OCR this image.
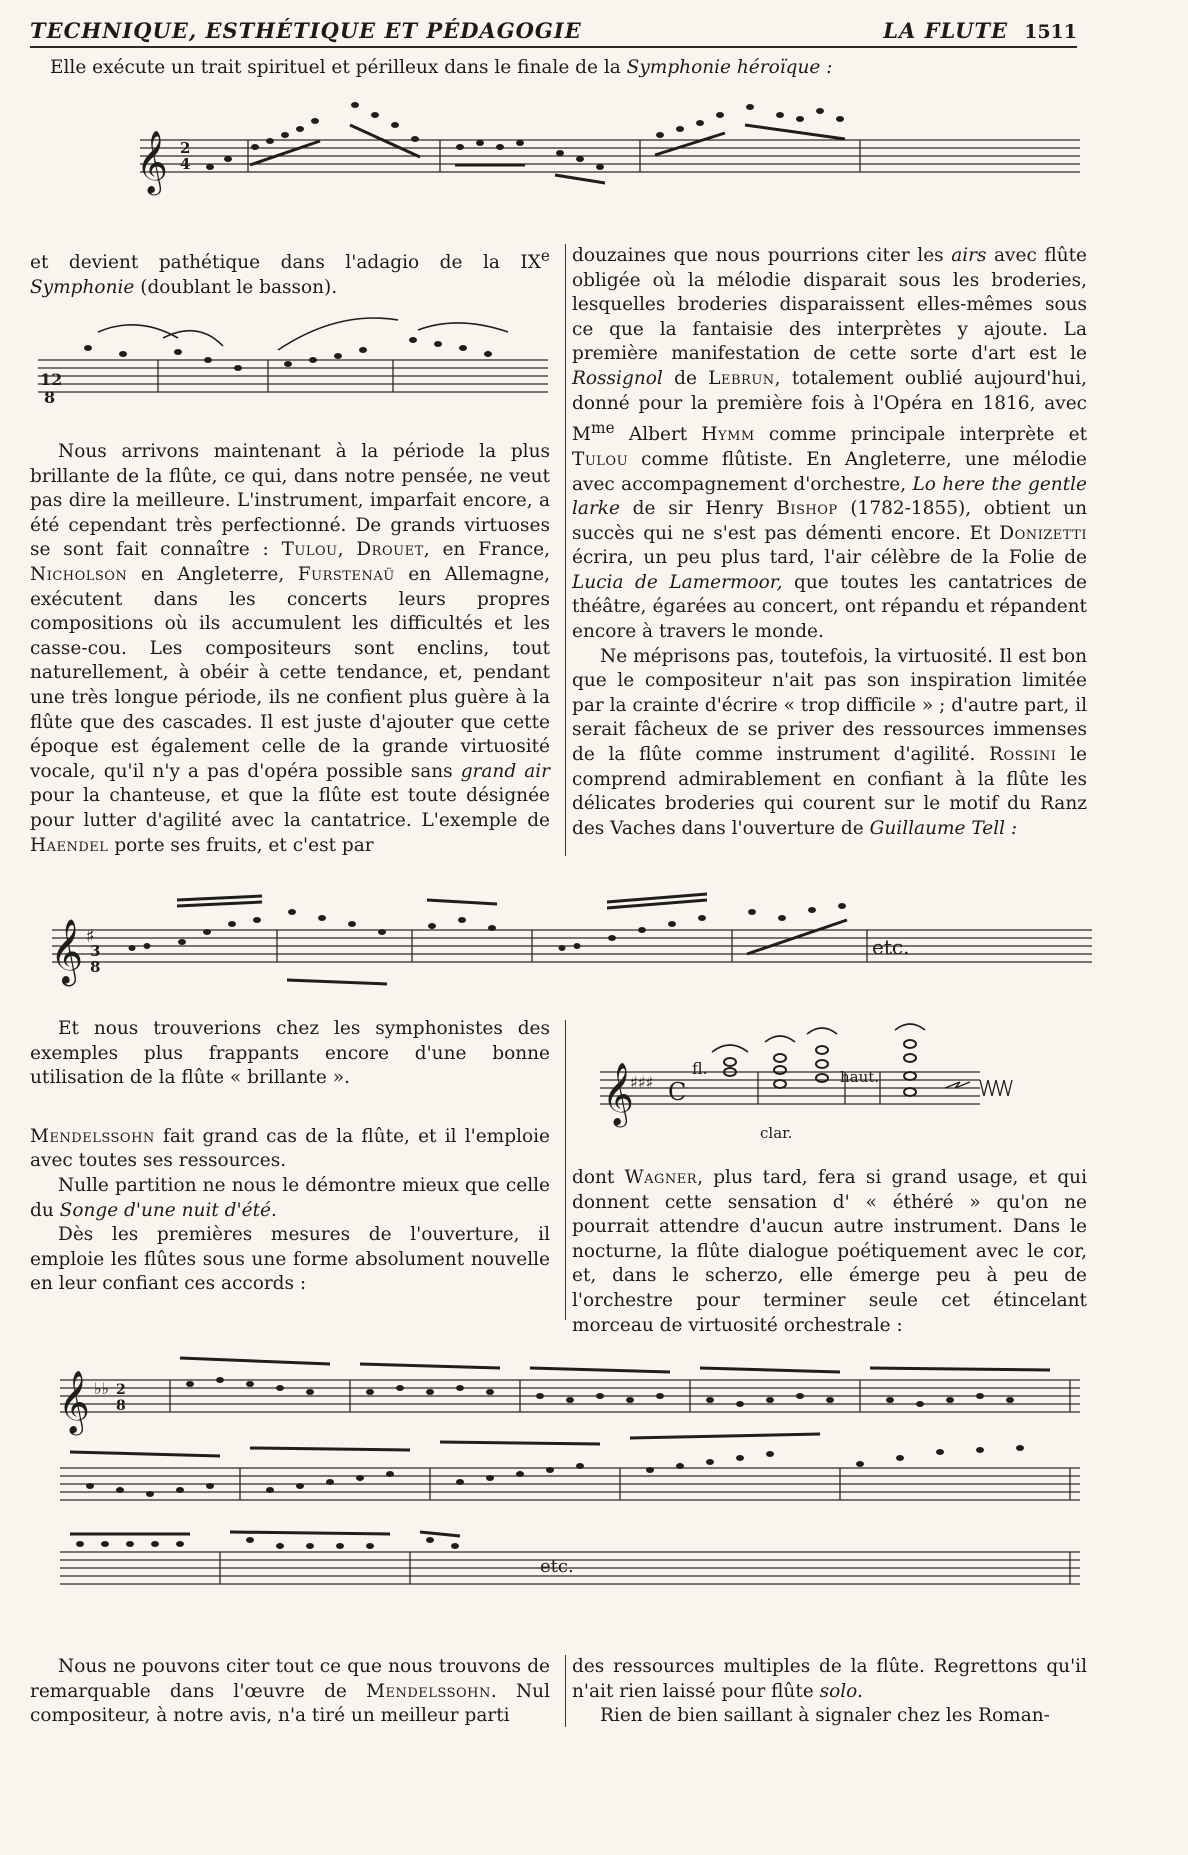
TECHNIQUE, ESTHÉTIQUE ET PÉDAGOGIE	LA FLUTE 1511

Elle exécute un trait spirituel et périlleux dans le finale de la Symphonie héroïque :

𝄞 2
4

et devient pathétique dans l'adagio de la IXe Symphonie (doublant le basson).

12
8

Nous arrivons maintenant à la période la plus brillante de la flûte, ce qui, dans notre pensée, ne veut pas dire la meilleure. L'instrument, imparfait encore, a été cependant très perfectionné. De grands virtuoses se sont fait connaître : Tulou, Drouet, en France, Nicholson en Angleterre, Furstenaü en Allemagne, exécutent dans les concerts leurs propres compositions où ils accumulent les difficultés et les casse-cou. Les compositeurs sont enclins, tout naturellement, à obéir à cette tendance, et, pendant une très longue période, ils ne confient plus guère à la flûte que des cascades. Il est juste d'ajouter que cette époque est également celle de la grande virtuosité vocale, qu'il n'y a pas d'opéra possible sans grand air pour la chanteuse, et que la flûte est toute désignée pour lutter d'agilité avec la cantatrice. L'exemple de Haendel porte ses fruits, et c'est par

douzaines que nous pourrions citer les airs avec flûte obligée où la mélodie disparait sous les broderies, lesquelles broderies disparaissent elles-mêmes sous ce que la fantaisie des interprètes y ajoute. La première manifestation de cette sorte d'art est le Rossignol de Lebrun, totalement oublié aujourd'hui, donné pour la première fois à l'Opéra en 1816, avec $M^{me}$ Albert Hymm comme principale interprète et Tulou comme flûtiste. En Angleterre, une mélodie avec accompagnement d'orchestre, Lo here the gentle larke de sir Henry Bishop (1782-1855), obtient un succès qui ne s'est pas démenti encore. Et Donizetti écrira, un peu plus tard, l'air célèbre de la Folie de Lucia de Lamermoor, que toutes les cantatrices de théâtre, égarées au concert, ont répandu et répandent encore à travers le monde.

Ne méprisons pas, toutefois, la virtuosité. Il est bon que le compositeur n'ait pas son inspiration limitée par la crainte d'écrire « trop difficile » ; d'autre part, il serait fâcheux de se priver des ressources immenses de la flûte comme instrument d'agilité. Rossini le comprend admirablement en confiant à la flûte les délicates broderies qui courent sur le motif du Ranz des Vaches dans l'ouverture de Guillaume Tell :

𝄞 ♯
3
8
etc.

Et nous trouverions chez les symphonistes des exemples plus frappants encore d'une bonne utilisation de la flûte « brillante ».

Mendelssohn fait grand cas de la flûte, et il l'emploie avec toutes ses ressources.

Nulle partition ne nous le démontre mieux que celle du Songe d'une nuit d'été.

Dès les premières mesures de l'ouverture, il emploie les flûtes sous une forme absolument nouvelle en leur confiant ces accords :

𝄞
♯♯♯ C
fl.	haut.
clar.

dont Wagner, plus tard, fera si grand usage, et qui donnent cette sensation d' « éthéré » qu'on ne pourrait attendre d'aucun autre instrument. Dans le nocturne, la flûte dialogue poétiquement avec le cor, et, dans le scherzo, elle émerge peu à peu de l'orchestre pour terminer seule cet étincelant morceau de virtuosité orchestrale :

𝄞 ♭♭ 2
8
etc.

Nous ne pouvons citer tout ce que nous trouvons de remarquable dans l'œuvre de Mendelssohn. Nul compositeur, à notre avis, n'a tiré un meilleur parti

des ressources multiples de la flûte. Regrettons qu'il n'ait rien laissé pour flûte solo.

Rien de bien saillant à signaler chez les Roman-
